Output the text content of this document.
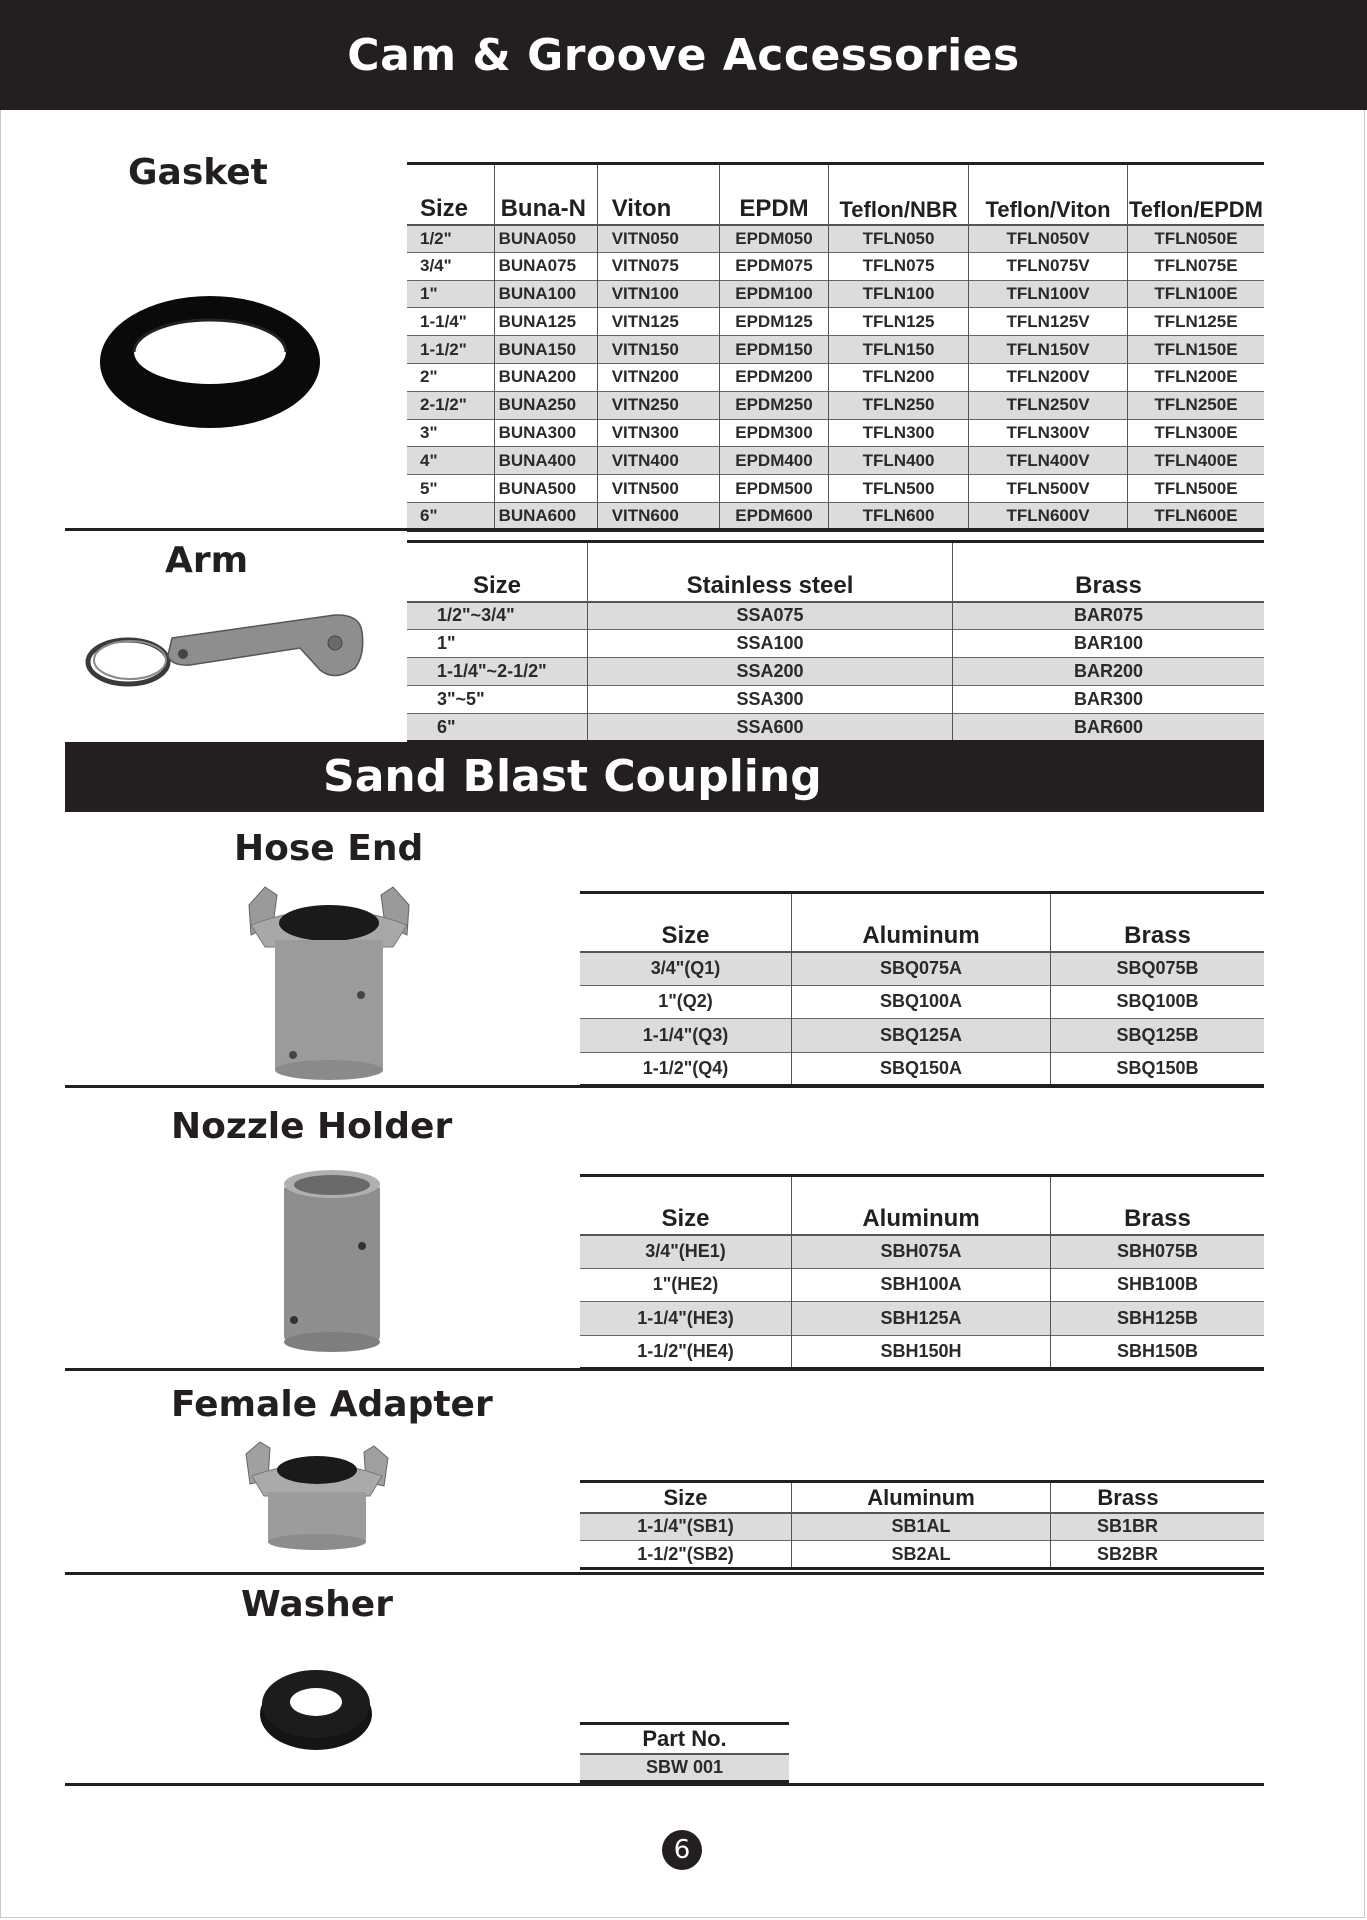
Cam & Groove Accessories
Gasket
Size	Buna-N	Viton	EPDM	Teflon/NBR	Teflon/Viton	Teflon/EPDM
1/2"	BUNA050	VITN050	EPDM050	TFLN050	TFLN050V	TFLN050E
3/4"	BUNA075	VITN075	EPDM075	TFLN075	TFLN075V	TFLN075E
1"	BUNA100	VITN100	EPDM100	TFLN100	TFLN100V	TFLN100E
1-1/4"	BUNA125	VITN125	EPDM125	TFLN125	TFLN125V	TFLN125E
1-1/2"	BUNA150	VITN150	EPDM150	TFLN150	TFLN150V	TFLN150E
2"	BUNA200	VITN200	EPDM200	TFLN200	TFLN200V	TFLN200E
2-1/2"	BUNA250	VITN250	EPDM250	TFLN250	TFLN250V	TFLN250E
3"	BUNA300	VITN300	EPDM300	TFLN300	TFLN300V	TFLN300E
4"	BUNA400	VITN400	EPDM400	TFLN400	TFLN400V	TFLN400E
5"	BUNA500	VITN500	EPDM500	TFLN500	TFLN500V	TFLN500E
6"	BUNA600	VITN600	EPDM600	TFLN600	TFLN600V	TFLN600E
Arm
Size	Stainless steel	Brass
1/2"~3/4"	SSA075	BAR075
1"	SSA100	BAR100
1-1/4"~2-1/2"	SSA200	BAR200
3"~5"	SSA300	BAR300
6"	SSA600	BAR600
Sand Blast Coupling
Hose End
Size	Aluminum	Brass
3/4"(Q1)	SBQ075A	SBQ075B
1"(Q2)	SBQ100A	SBQ100B
1-1/4"(Q3)	SBQ125A	SBQ125B
1-1/2"(Q4)	SBQ150A	SBQ150B
Nozzle Holder
Size	Aluminum	Brass
3/4"(HE1)	SBH075A	SBH075B
1"(HE2)	SBH100A	SHB100B
1-1/4"(HE3)	SBH125A	SBH125B
1-1/2"(HE4)	SBH150H	SBH150B
Female Adapter
Size	Aluminum	Brass
1-1/4"(SB1)	SB1AL	SB1BR
1-1/2"(SB2)	SB2AL	SB2BR
Washer
Part No.
SBW 001
6
